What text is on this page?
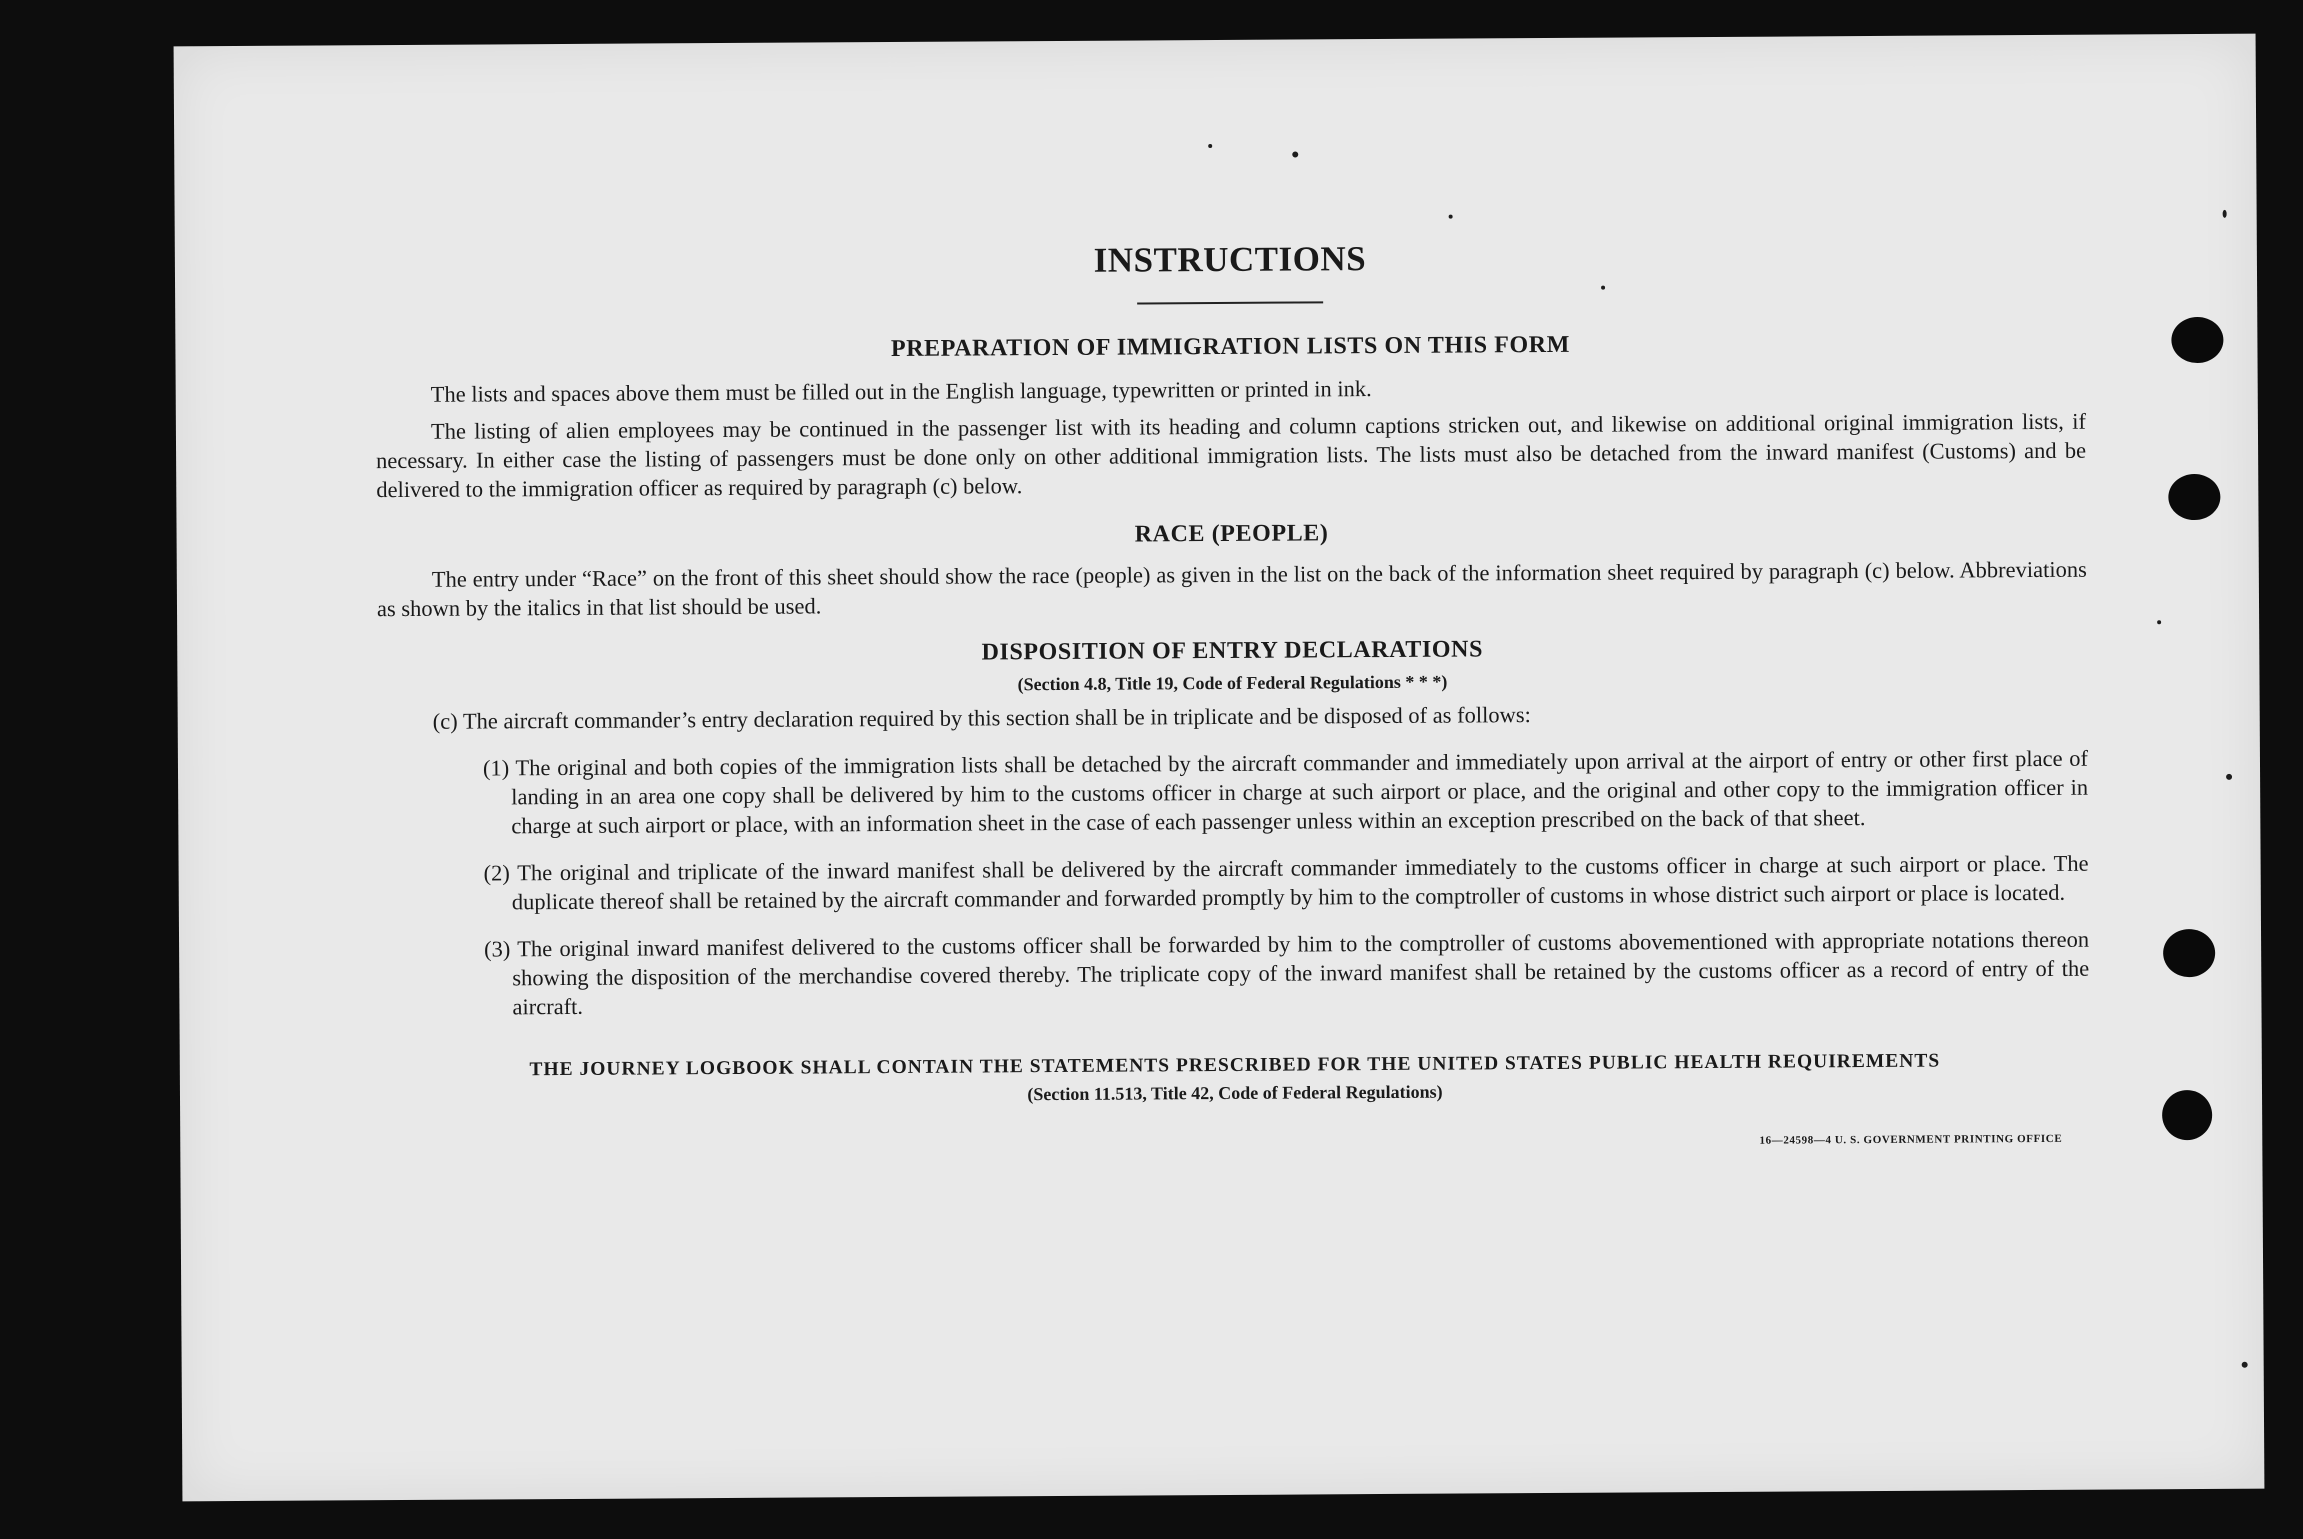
INSTRUCTIONS
PREPARATION OF IMMIGRATION LISTS ON THIS FORM

The lists and spaces above them must be filled out in the English language, typewritten or printed in ink.

The listing of alien employees may be continued in the passenger list with its heading and column captions stricken out, and likewise on additional original immigration lists, if necessary. In either case the listing of passengers must be done only on other additional immigration lists. The lists must also be detached from the inward manifest (Customs) and be delivered to the immigration officer as required by paragraph (c) below.

RACE (PEOPLE)

The entry under “Race” on the front of this sheet should show the race (people) as given in the list on the back of the information sheet required by paragraph (c) below. Abbreviations as shown by the italics in that list should be used.

DISPOSITION OF ENTRY DECLARATIONS
(Section 4.8, Title 19, Code of Federal Regulations * * *)

(c) The aircraft commander’s entry declaration required by this section shall be in triplicate and be disposed of as follows:

(1) The original and both copies of the immigration lists shall be detached by the aircraft commander and immediately upon arrival at the airport of entry or other first place of landing in an area one copy shall be delivered by him to the customs officer in charge at such airport or place, and the original and other copy to the immigration officer in charge at such airport or place, with an information sheet in the case of each passenger unless within an exception prescribed on the back of that sheet.

(2) The original and triplicate of the inward manifest shall be delivered by the aircraft commander immediately to the customs officer in charge at such airport or place. The duplicate thereof shall be retained by the aircraft commander and forwarded promptly by him to the comptroller of customs in whose district such airport or place is located.

(3) The original inward manifest delivered to the customs officer shall be forwarded by him to the comptroller of customs abovementioned with appropriate notations thereon showing the disposition of the merchandise covered thereby. The triplicate copy of the inward manifest shall be retained by the customs officer as a record of entry of the aircraft.

THE JOURNEY LOGBOOK SHALL CONTAIN THE STATEMENTS PRESCRIBED FOR THE UNITED STATES PUBLIC HEALTH REQUIREMENTS
(Section 11.513, Title 42, Code of Federal Regulations)
16—24598—4 U. S. GOVERNMENT PRINTING OFFICE
